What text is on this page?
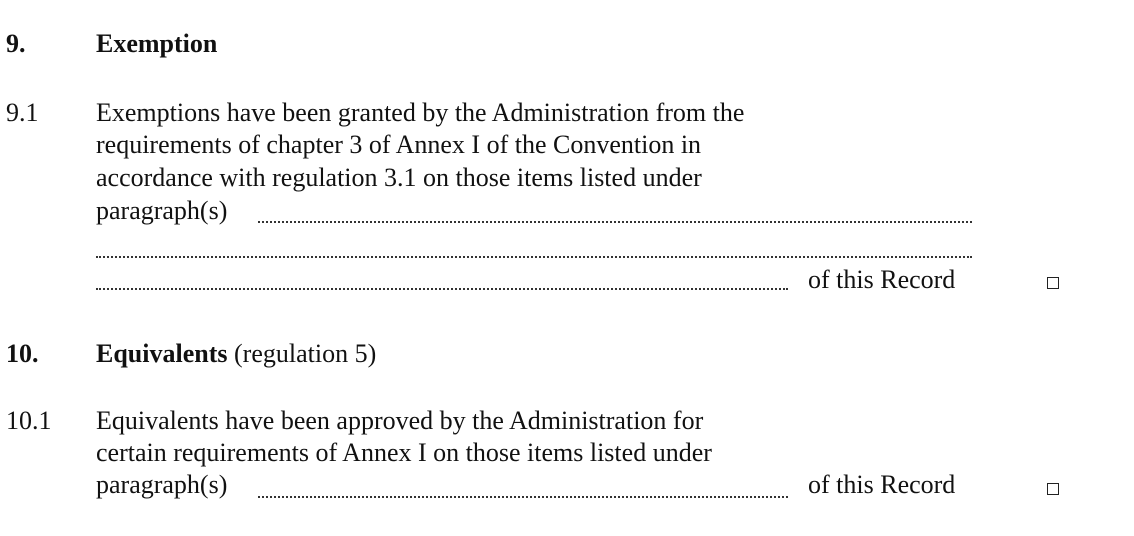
9.	Exemption
9.1 Exemptions have been granted by the Administration from the
requirements of chapter 3 of Annex I of the Convention in
accordance with regulation 3.1 on those items listed under
paragraph(s)
of this Record
10. Equivalents (regulation 5)
10.1 Equivalents have been approved by the Administration for
certain requirements of Annex I on those items listed under
paragraph(s)	of this Record
